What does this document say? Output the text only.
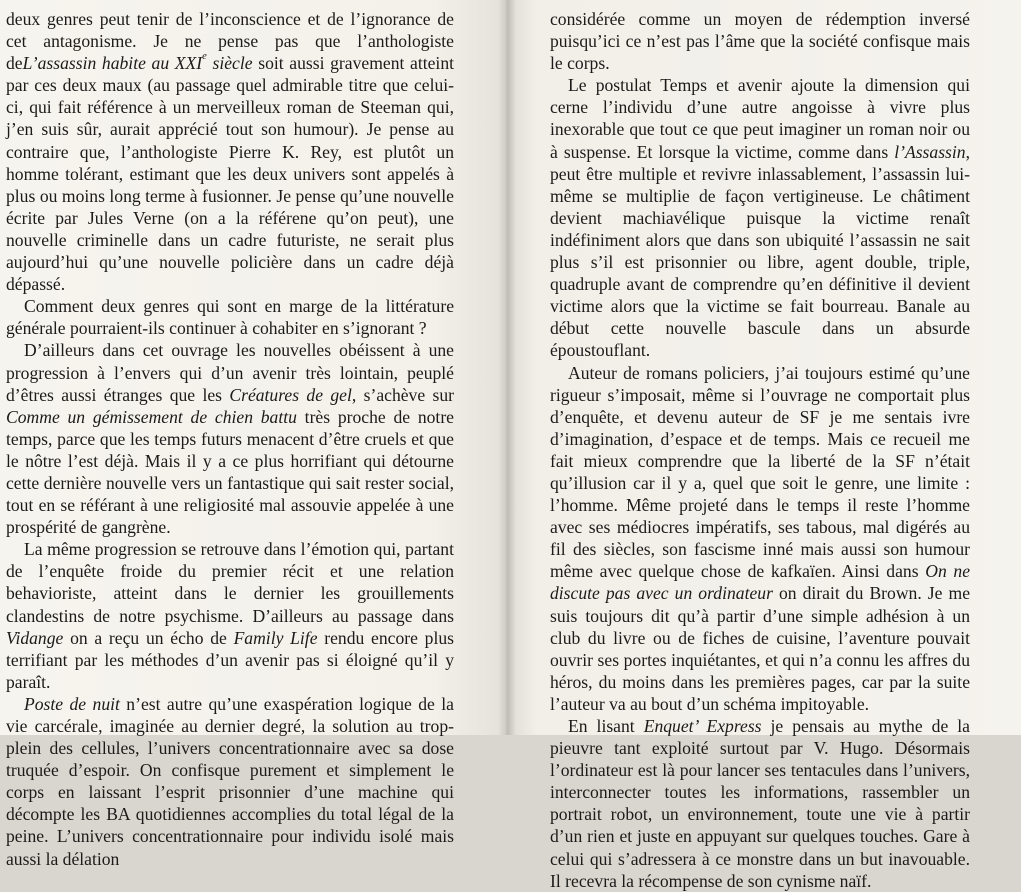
deux genres peut tenir de l’inconscience et de l’ignorance de cet antagonisme. Je ne pense pas que l’anthologiste deL’assassin habite au XXIe siècle soit aussi gravement atteint par ces deux maux (au passage quel admirable titre que celui-ci, qui fait référence à un merveilleux roman de Steeman qui, j’en suis sûr, aurait apprécié tout son humour). Je pense au contraire que, l’anthologiste Pierre K. Rey, est plutôt un homme tolérant, estimant que les deux univers sont appelés à plus ou moins long terme à fusionner. Je pense qu’une nouvelle écrite par Jules Verne (on a la référene qu’on peut), une nouvelle criminelle dans un cadre futuriste, ne serait plus aujourd’hui qu’une nouvelle policière dans un cadre déjà dépassé.

Comment deux genres qui sont en marge de la littérature générale pourraient-ils continuer à cohabiter en s’ignorant ?

D’ailleurs dans cet ouvrage les nouvelles obéissent à une progression à l’envers qui d’un avenir très lointain, peuplé d’êtres aussi étranges que les Créatures de gel, s’achève sur Comme un gémissement de chien battu très proche de notre temps, parce que les temps futurs menacent d’être cruels et que le nôtre l’est déjà. Mais il y a ce plus horrifiant qui détourne cette dernière nouvelle vers un fantastique qui sait rester social, tout en se référant à une religiosité mal assouvie appelée à une prospérité de gangrène.

La même progression se retrouve dans l’émotion qui, partant de l’enquête froide du premier récit et une relation behavioriste, atteint dans le dernier les grouillements clandestins de notre psychisme. D’ailleurs au passage dans Vidange on a reçu un écho de Family Life rendu encore plus terrifiant par les méthodes d’un avenir pas si éloigné qu’il y paraît.

Poste de nuit n’est autre qu’une exaspération logique de la vie carcérale, imaginée au dernier degré, la solution au trop-plein des cellules, l’univers concentrationnaire avec sa dose truquée d’espoir. On confisque purement et simplement le corps en laissant l’esprit prisonnier d’une machine qui décompte les BA quotidiennes accomplies du total légal de la peine. L’univers concentrationnaire pour individu isolé mais aussi la délation

considérée comme un moyen de rédemption inversé puisqu’ici ce n’est pas l’âme que la société confisque mais le corps.

Le postulat Temps et avenir ajoute la dimension qui cerne l’individu d’une autre angoisse à vivre plus inexorable que tout ce que peut imaginer un roman noir ou à suspense. Et lorsque la victime, comme dans l’Assassin, peut être multiple et revivre inlassablement, l’assassin lui-même se multiplie de façon vertigineuse. Le châtiment devient machiavélique puisque la victime renaît indéfiniment alors que dans son ubiquité l’assassin ne sait plus s’il est prisonnier ou libre, agent double, triple, quadruple avant de comprendre qu’en définitive il devient victime alors que la victime se fait bourreau. Banale au début cette nouvelle bascule dans un absurde époustouflant.

Auteur de romans policiers, j’ai toujours estimé qu’une rigueur s’imposait, même si l’ouvrage ne comportait plus d’enquête, et devenu auteur de SF je me sentais ivre d’imagination, d’espace et de temps. Mais ce recueil me fait mieux comprendre que la liberté de la SF n’était qu’illusion car il y a, quel que soit le genre, une limite : l’homme. Même projeté dans le temps il reste l’homme avec ses médiocres impératifs, ses tabous, mal digérés au fil des siècles, son fascisme inné mais aussi son humour même avec quelque chose de kafkaïen. Ainsi dans On ne discute pas avec un ordinateur on dirait du Brown. Je me suis toujours dit qu’à partir d’une simple adhésion à un club du livre ou de fiches de cuisine, l’aventure pouvait ouvrir ses portes inquiétantes, et qui n’a connu les affres du héros, du moins dans les premières pages, car par la suite l’auteur va au bout d’un schéma impitoyable.

En lisant Enquet’ Express je pensais au mythe de la pieuvre tant exploité surtout par V. Hugo. Désormais l’ordinateur est là pour lancer ses tentacules dans l’univers, interconnecter toutes les informations, rassembler un portrait robot, un environnement, toute une vie à partir d’un rien et juste en appuyant sur quelques touches. Gare à celui qui s’adressera à ce monstre dans un but inavouable. Il recevra la récompense de son cynisme naïf.
